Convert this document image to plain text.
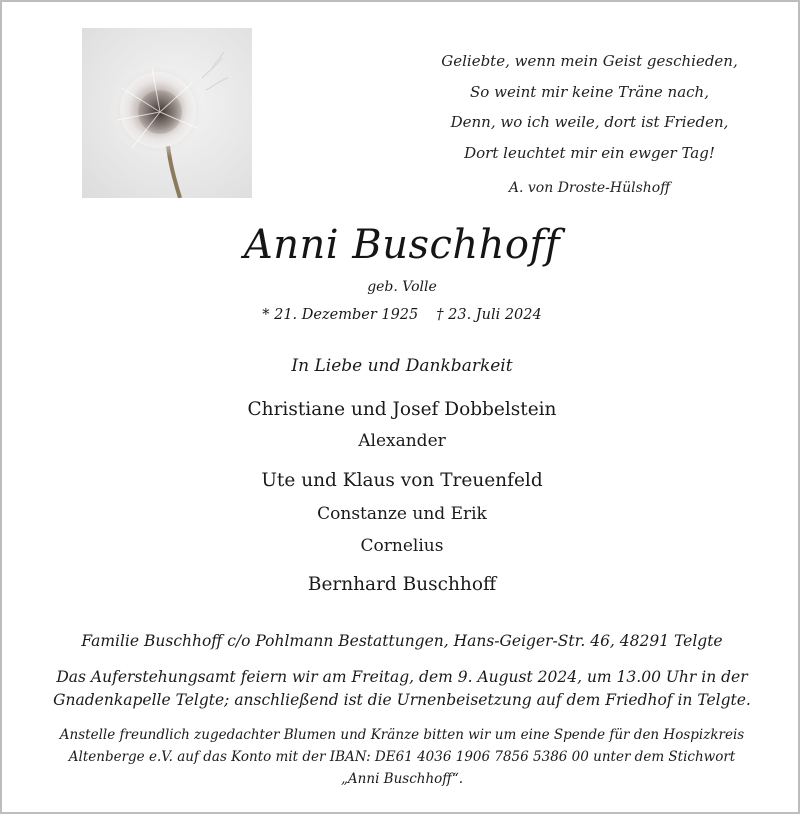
Geliebte, wenn mein Geist geschieden,
So weint mir keine Träne nach,
Denn, wo ich weile, dort ist Frieden,
Dort leuchtet mir ein ewger Tag!
A. von Droste-Hülshoff
Anni Buschhoff
geb. Volle
* 21. Dezember 1925 † 23. Juli 2024
In Liebe und Dankbarkeit
Christiane und Josef Dobbelstein
Alexander
Ute und Klaus von Treuenfeld
Constanze und Erik
Cornelius
Bernhard Buschhoff
Familie Buschhoff c/o Pohlmann Bestattungen, Hans-Geiger-Str. 46, 48291 Telgte
Das Auferstehungsamt feiern wir am Freitag, dem 9. August 2024, um 13.00 Uhr in der
Gnadenkapelle Telgte; anschließend ist die Urnenbeisetzung auf dem Friedhof in Telgte.
Anstelle freundlich zugedachter Blumen und Kränze bitten wir um eine Spende für den Hospizkreis
Altenberge e.V. auf das Konto mit der IBAN: DE61 4036 1906 7856 5386 00 unter dem Stichwort
„Anni Buschhoff“.
